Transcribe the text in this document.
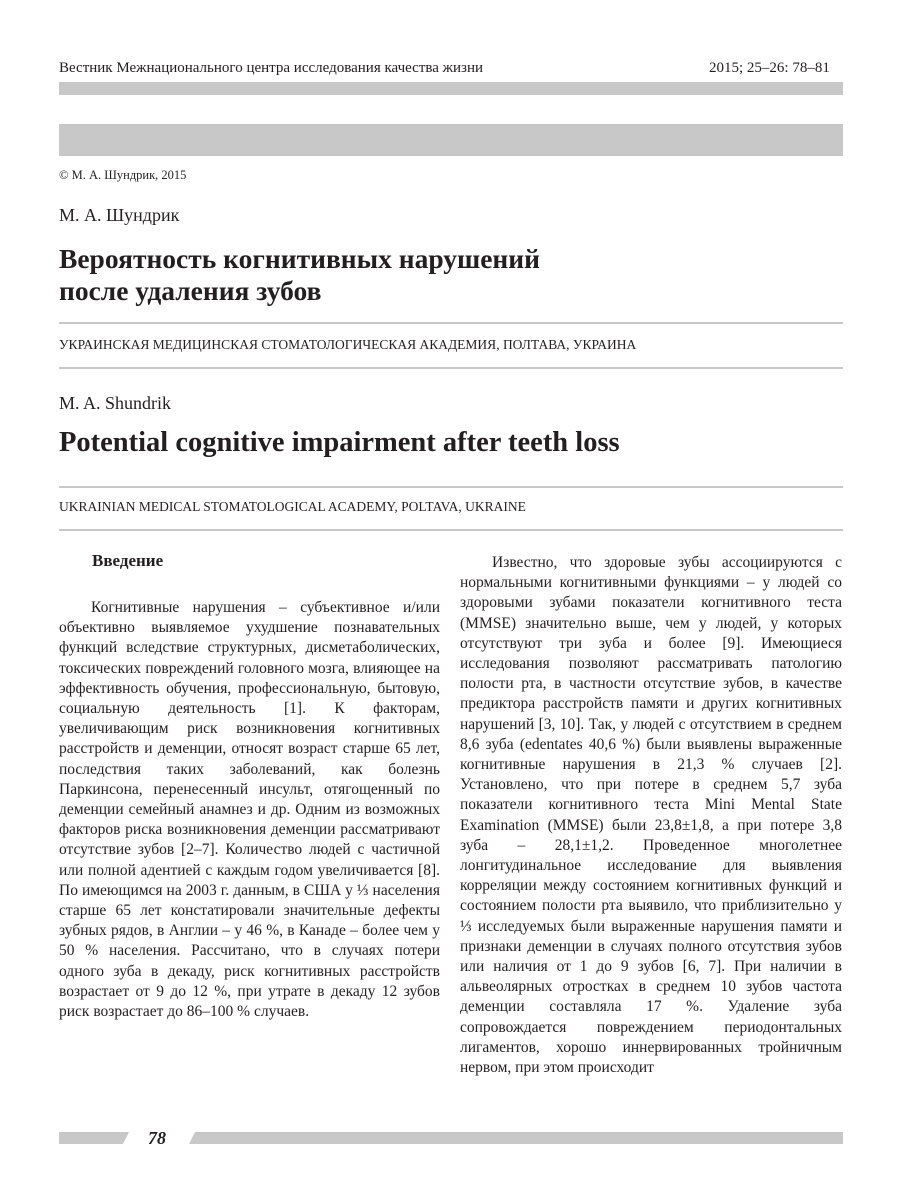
Вестник Межнационального центра исследования качества жизни	2015; 25–26: 78–81
© М. А. Шундрик, 2015
М. А. Шундрик
Вероятность когнитивных нарушений
после удаления зубов
УКРАИНСКАЯ МЕДИЦИНСКАЯ СТОМАТОЛОГИЧЕСКАЯ АКАДЕМИЯ, ПОЛТАВА, УКРАИНА
M. A. Shundrik
Potential cognitive impairment after teeth loss
UKRAINIAN MEDICAL STOMATOLOGICAL ACADEMY, POLTAVA, UKRAINE
Введение

Когнитивные нарушения – субъективное и/или объективно выявляемое ухудшение познавательных функций вследствие структурных, дисметаболических, токсических повреждений головного мозга, влияющее на эффективность обучения, профессиональную, бытовую, социальную деятельность [1]. К факторам, увеличивающим риск возникновения когнитивных расстройств и деменции, относят возраст старше 65 лет, последствия таких заболеваний, как болезнь Паркинсона, перенесенный инсульт, отягощенный по деменции семейный анамнез и др. Одним из возможных факторов риска возникновения деменции рассматривают отсутствие зубов [2–7]. Количество людей с частичной или полной адентией с каждым годом увеличивается [8]. По имеющимся на 2003 г. данным, в США у ⅓ населения старше 65 лет констатировали значительные дефекты зубных рядов, в Англии – у 46 %, в Канаде – более чем у 50 % населения. Рассчитано, что в случаях потери одного зуба в декаду, риск когнитивных расстройств возрастает от 9 до 12 %, при утрате в декаду 12 зубов риск возрастает до 86–100 % случаев.

Известно, что здоровые зубы ассоциируются с нормальными когнитивными функциями – у людей со здоровыми зубами показатели когнитивного теста (MMSE) значительно выше, чем у людей, у которых отсутствуют три зуба и более [9]. Имеющиеся исследования позволяют рассматривать патологию полости рта, в частности отсутствие зубов, в качестве предиктора расстройств памяти и других когнитивных нарушений [3, 10]. Так, у людей с отсутствием в среднем 8,6 зуба (edentates 40,6 %) были выявлены выраженные когнитивные нарушения в 21,3 % случаев [2]. Установлено, что при потере в среднем 5,7 зуба показатели когнитивного теста Mini Mental State Examination (MMSE) были 23,8±1,8, а при потере 3,8 зуба – 28,1±1,2. Проведенное многолетнее лонгитудинальное исследование для выявления корреляции между состоянием когнитивных функций и состоянием полости рта выявило, что приблизительно у ⅓ исследуемых были выраженные нарушения памяти и признаки деменции в случаях полного отсутствия зубов или наличия от 1 до 9 зубов [6, 7]. При наличии в альвеолярных отростках в среднем 10 зубов частота деменции составляла 17 %. Удаление зуба сопровождается повреждением периодонтальных лигаментов, хорошо иннервированных тройничным нервом, при этом происходит

78
